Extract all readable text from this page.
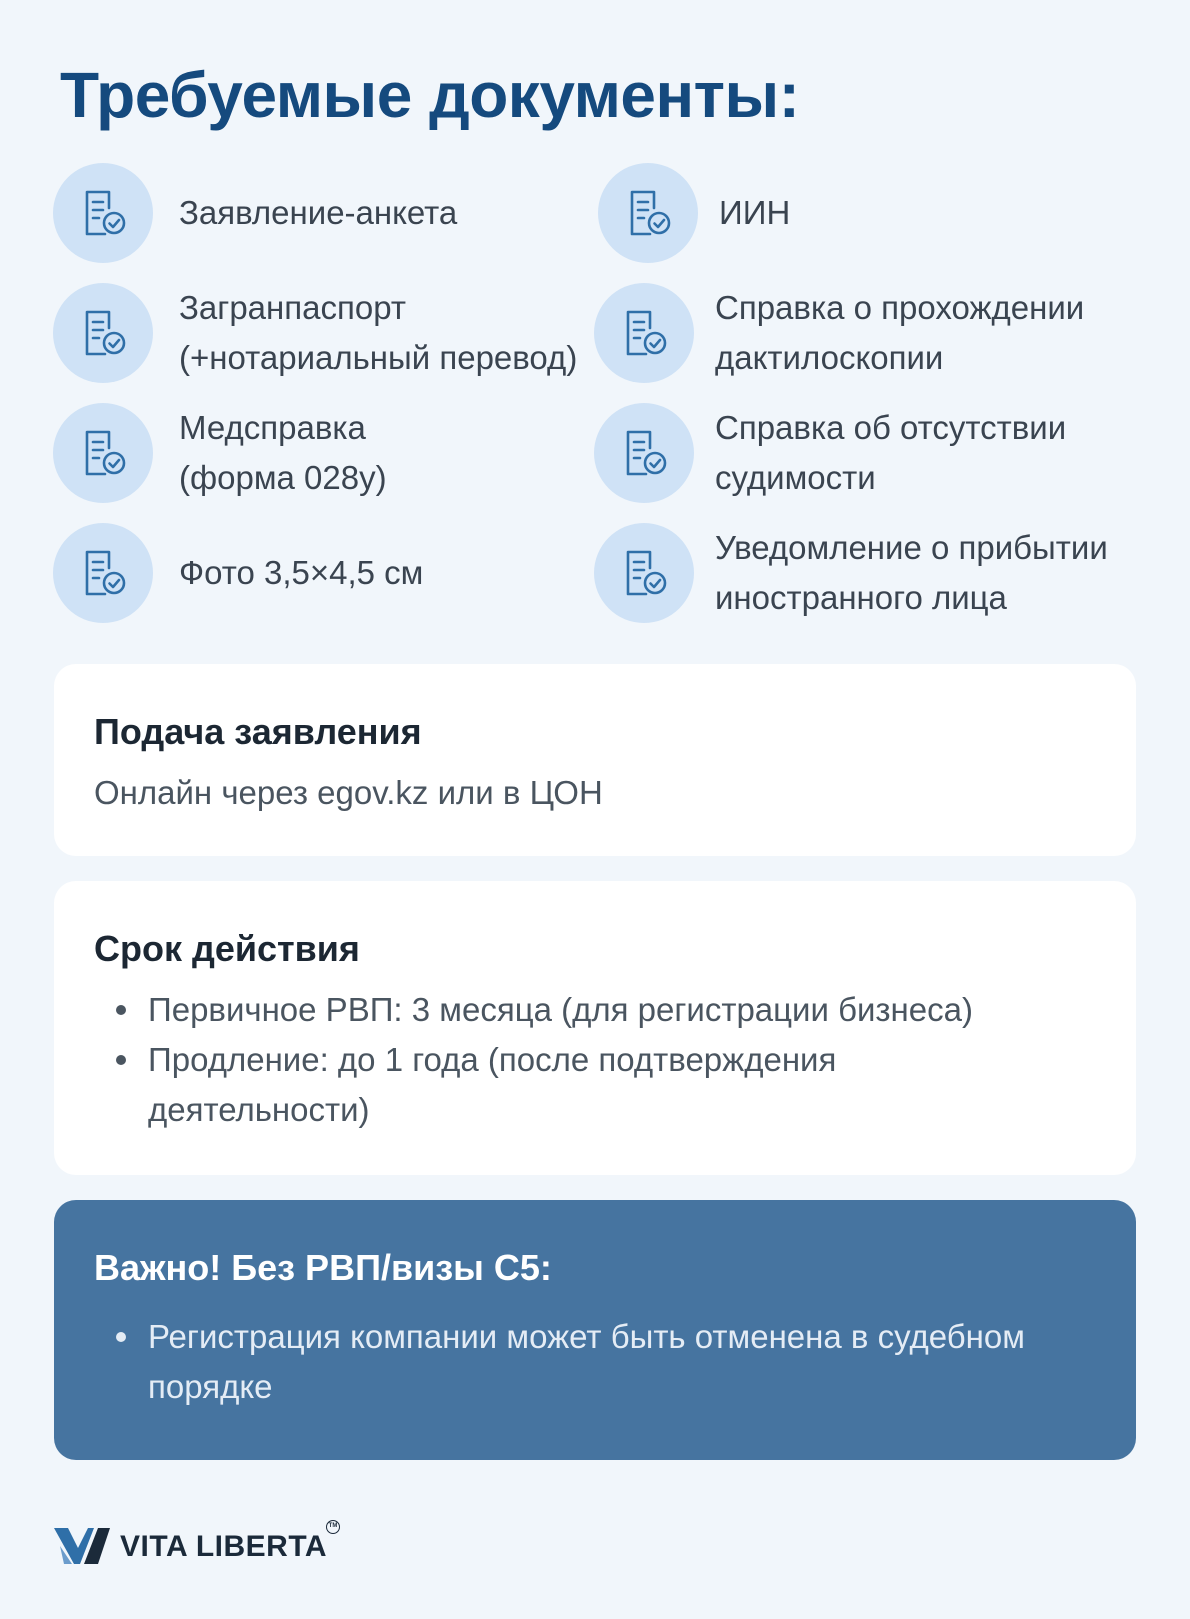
Требуемые документы:
Заявление-анкета	ИИН
Загранпаспорт
(+нотариальный перевод)
Справка о прохождении
дактилоскопии
Медсправка
(форма 028у)
Справка об отсутствии
судимости
Фото 3,5×4,5 см
Уведомление о прибытии
иностранного лица
Подача заявления
Онлайн через egov.kz или в ЦОН
Срок действия
Первичное РВП: 3 месяца (для регистрации бизнеса)
Продление: до 1 года (после подтверждения деятельности)
Важно! Без РВП/визы С5:
Регистрация компании может быть отменена в судебном порядке
VITA LIBERTA
TM
